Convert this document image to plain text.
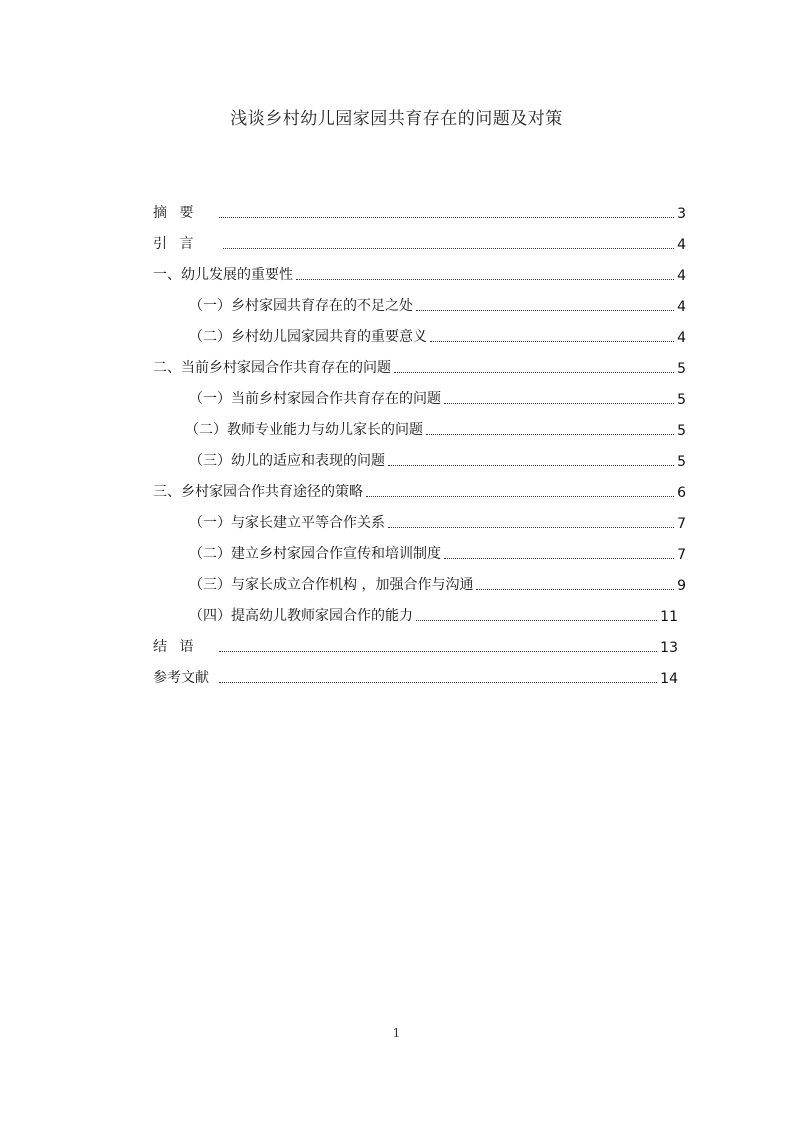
浅谈乡村幼儿园家园共育存在的问题及对策
摘 要	3
引 言	4
一、幼儿发展的重要性	4
（一）乡村家园共育存在的不足之处	4
（二）乡村幼儿园家园共育的重要意义	4
二、当前乡村家园合作共育存在的问题	5
（一）当前乡村家园合作共育存在的问题	5
（二）教师专业能力与幼儿家长的问题	5
（三）幼儿的适应和表现的问题	5
三、乡村家园合作共育途径的策略	6
（一）与家长建立平等合作关系	7
（二）建立乡村家园合作宣传和培训制度	7
（三）与家长成立合作机构 ，加强合作与沟通	9
（四）提高幼儿教师家园合作的能力	11
结 语	13
参考文献	14
1
